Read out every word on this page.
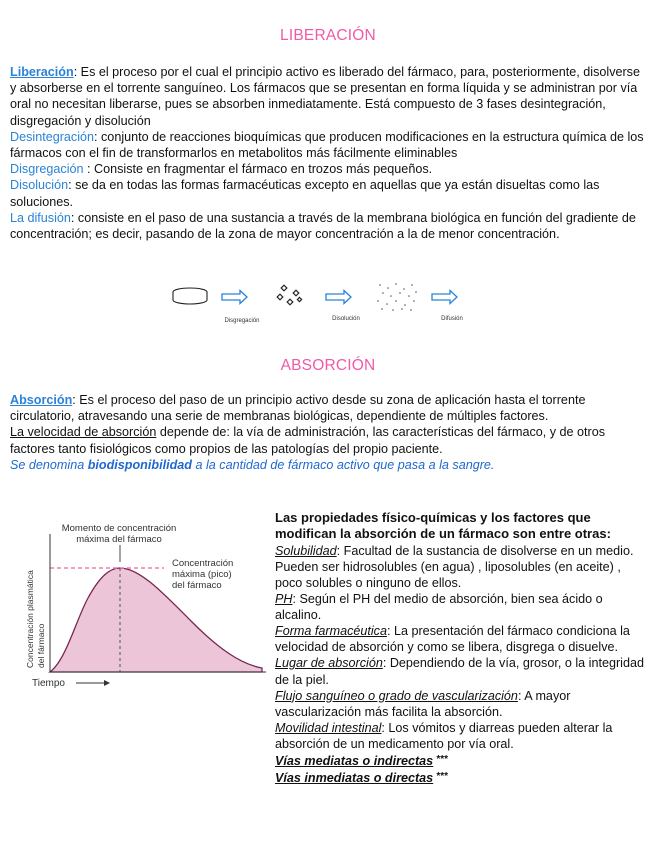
LIBERACIÓN
Liberación: Es el proceso por el cual el principio activo es liberado del fármaco, para, posteriormente, disolverse y absorberse en el torrente sanguíneo. Los fármacos que se presentan en forma líquida y se administran por vía oral no necesitan liberarse, pues se absorben inmediatamente. Está compuesto de 3 fases desintegración, disgregación y disolución
Desintegración: conjunto de reacciones bioquímicas que producen modificaciones en la estructura química de los fármacos con el fin de transformarlos en metabolitos más fácilmente eliminables
Disgregación : Consiste en fragmentar el fármaco en trozos más pequeños.
Disolución: se da en todas las formas farmacéuticas excepto en aquellas que ya están disueltas como las soluciones.
La difusión: consiste en el paso de una sustancia a través de la membrana biológica en función del gradiente de concentración; es decir, pasando de la zona de mayor concentración a la de menor concentración.
Disgregación	Disolución	Difusión
ABSORCIÓN
Absorción: Es el proceso del paso de un principio activo desde su zona de aplicación hasta el torrente circulatorio, atravesando una serie de membranas biológicas, dependiente de múltiples factores.
La velocidad de absorción depende de: la vía de administración, las características del fármaco, y de otros factores tanto fisiológicos como propios de las patologías del propio paciente.
Se denomina biodisponibilidad a la cantidad de fármaco activo que pasa a la sangre.
Momento de concentración
máxima del fármaco
Concentración
máxima (pico)
del fármaco
Concentración plasmática del fármaco
Tiempo
Las propiedades físico-químicas y los factores que modifican la absorción de un fármaco son entre otras:
Solubilidad: Facultad de la sustancia de disolverse en un medio. Pueden ser hidrosolubles (en agua) , liposolubles (en aceite) , poco solubles o ninguno de ellos.
PH: Según el PH del medio de absorción, bien sea ácido o alcalino.
Forma farmacéutica: La presentación del fármaco condiciona la velocidad de absorción y como se libera, disgrega o disuelve.
Lugar de absorción: Dependiendo de la vía, grosor, o la integridad de la piel.
Flujo sanguíneo o grado de vascularización: A mayor vascularización más facilita la absorción.
Movilidad intestinal: Los vómitos y diarreas pueden alterar la absorción de un medicamento por vía oral.
Vías mediatas o indirectas ***
Vías inmediatas o directas ***
